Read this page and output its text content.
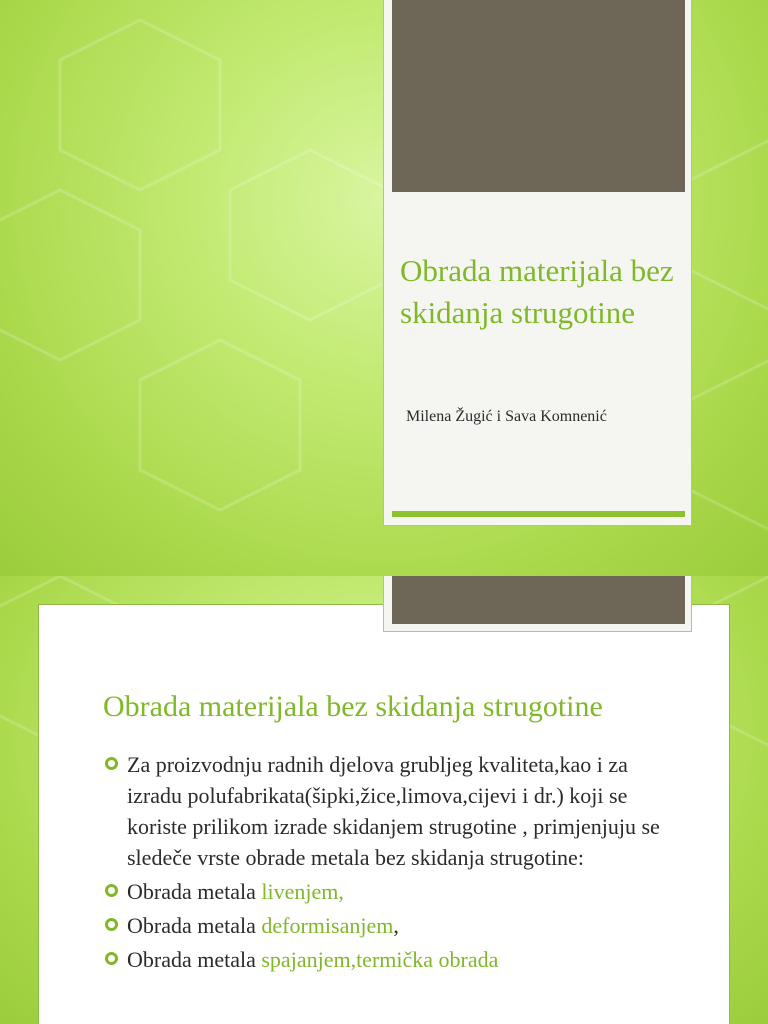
Obrada materijala bez skidanja strugotine
Milena Žugić i Sava Komnenić
Obrada materijala bez skidanja strugotine
Za proizvodnju radnih djelova grubljeg kvaliteta,kao i za izradu polufabrikata(šipki,žice,limova,cijevi i dr.) koji se koriste prilikom izrade skidanjem strugotine , primjenjuju se sledeče vrste obrade metala bez skidanja strugotine:
Obrada metala livenjem,
Obrada metala deformisanjem,
Obrada metala spajanjem,termička obrada
